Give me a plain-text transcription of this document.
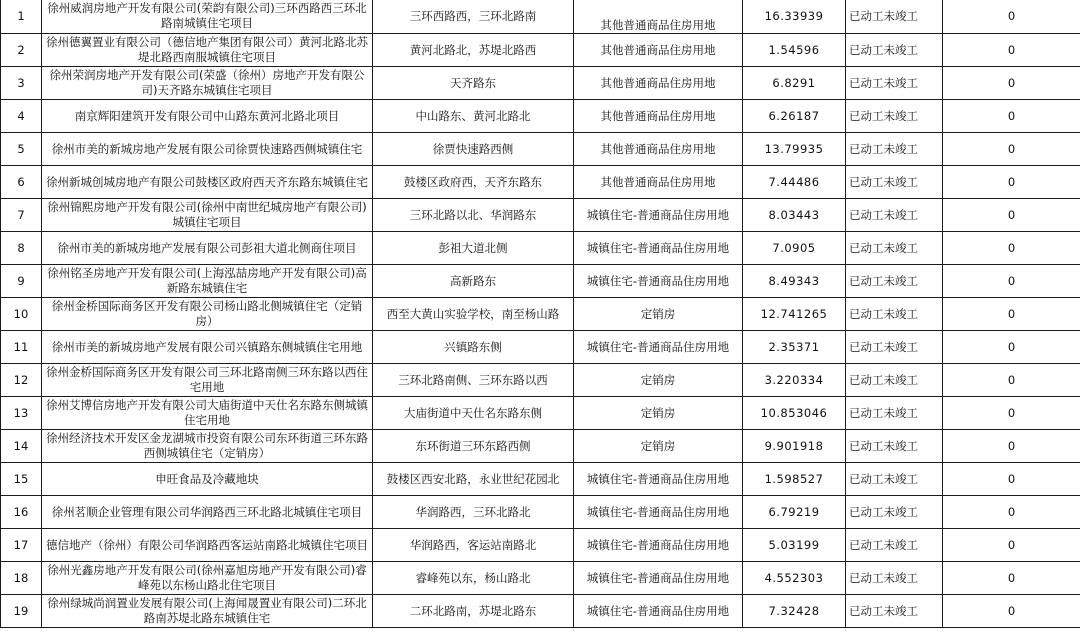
1	徐州威润房地产开发有限公司(荣韵有限公司)三环西路西三环北路南城镇住宅项目	三环西路西，三环北路南	其他普通商品住房用地	16.33939	已动工未竣工	0
2	徐州德翼置业有限公司（德信地产集团有限公司）黄河北路北苏堤北路西南服城镇住宅项目	黄河北路北，苏堤北路西	其他普通商品住房用地	1.54596	已动工未竣工	0
3	徐州荣润房地产开发有限公司(荣盛（徐州）房地产开发有限公司)天齐路东城镇住宅项目	天齐路东	其他普通商品住房用地	6.8291	已动工未竣工	0
4	南京辉阳建筑开发有限公司中山路东黄河北路北项目	中山路东、黄河北路北	其他普通商品住房用地	6.26187	已动工未竣工	0
5	徐州市美的新城房地产发展有限公司徐贾快速路西侧城镇住宅	徐贾快速路西侧	其他普通商品住房用地	13.79935	已动工未竣工	0
6	徐州新城创城房地产有限公司鼓楼区政府西天齐东路东城镇住宅	鼓楼区政府西，天齐东路东	其他普通商品住房用地	7.44486	已动工未竣工	0
7	徐州锦熙房地产开发有限公司(徐州中南世纪城房地产有限公司)城镇住宅项目	三环北路以北、华润路东	城镇住宅-普通商品住房用地	8.03443	已动工未竣工	0
8	徐州市美的新城房地产发展有限公司彭祖大道北侧商住项目	彭祖大道北侧	城镇住宅-普通商品住房用地	7.0905	已动工未竣工	0
9	徐州铭圣房地产开发有限公司(上海泓喆房地产开发有限公司)高新路东城镇住宅	高新路东	城镇住宅-普通商品住房用地	8.49343	已动工未竣工	0
10	徐州金桥国际商务区开发有限公司杨山路北侧城镇住宅（定销房）	西至大黄山实验学校，南至杨山路	定销房	12.741265	已动工未竣工	0
11	徐州市美的新城房地产发展有限公司兴镇路东侧城镇住宅用地	兴镇路东侧	城镇住宅-普通商品住房用地	2.35371	已动工未竣工	0
12	徐州金桥国际商务区开发有限公司三环北路南侧三环东路以西住宅用地	三环北路南侧、三环东路以西	定销房	3.220334	已动工未竣工	0
13	徐州艾博信房地产开发有限公司大庙街道中天仕名东路东侧城镇住宅用地	大庙街道中天仕名东路东侧	定销房	10.853046	已动工未竣工	0
14	徐州经济技术开发区金龙湖城市投资有限公司东环街道三环东路西侧城镇住宅（定销房）	东环街道三环东路西侧	定销房	9.901918	已动工未竣工	0
15	申旺食品及冷藏地块	鼓楼区西安北路，永业世纪花园北	城镇住宅-普通商品住房用地	1.598527	已动工未竣工	0
16	徐州茗顺企业管理有限公司华润路西三环北路北城镇住宅项目	华润路西，三环北路北	城镇住宅-普通商品住房用地	6.79219	已动工未竣工	0
17	德信地产（徐州）有限公司华润路西客运站南路北城镇住宅项目	华润路西，客运站南路北	城镇住宅-普通商品住房用地	5.03199	已动工未竣工	0
18	徐州光鑫房地产开发有限公司(徐州嘉旭房地产开发有限公司)睿峰苑以东杨山路北住宅项目	睿峰苑以东，杨山路北	城镇住宅-普通商品住房用地	4.552303	已动工未竣工	0
19	徐州绿城尚润置业发展有限公司(上海闻晟置业有限公司)二环北路南苏堤北路东城镇住宅	二环北路南，苏堤北路东	城镇住宅-普通商品住房用地	7.32428	已动工未竣工	0
